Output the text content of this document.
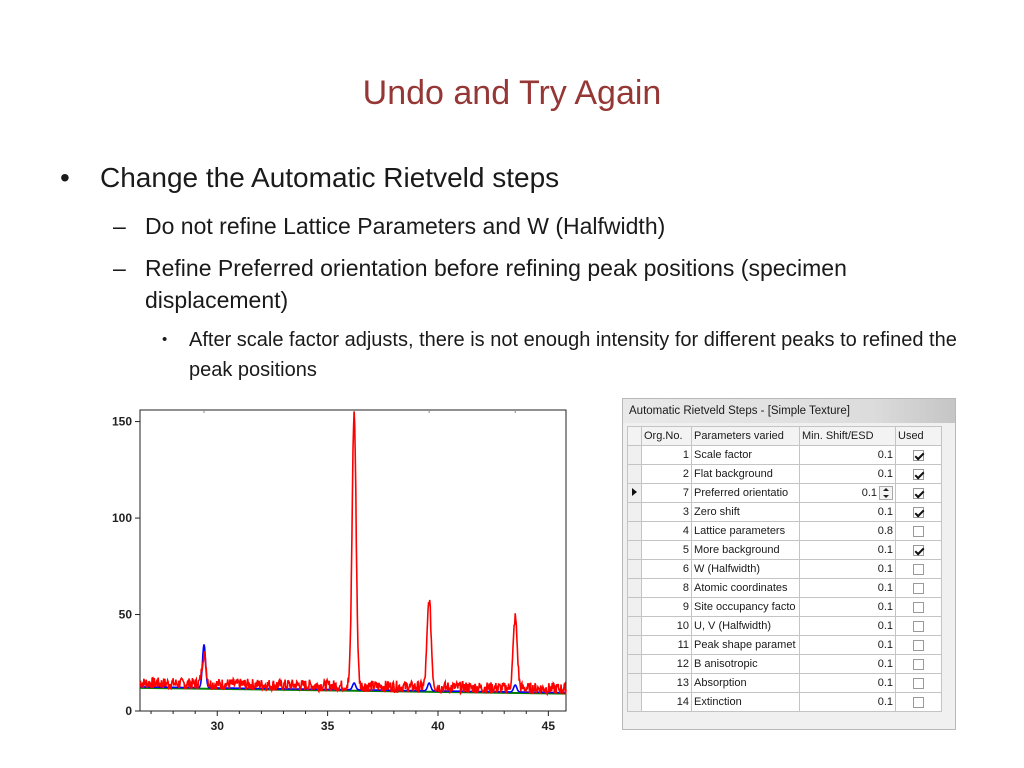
Undo and Try Again
• Change the Automatic Rietveld steps
– Do not refine Lattice Parameters and W (Halfwidth)
– Refine Preferred orientation before refining peak positions (specimen displacement)
• After scale factor adjusts, there is not enough intensity for different peaks to refined the peak positions
0
50
100
150
30	35	40	45
Automatic Rietveld Steps - [Simple Texture]
	Org.No.	Parameters varied	Min. Shift/ESD	Used
	1	Scale factor	0.1	
	2	Flat background	0.1	
	7	Preferred orientatio	0.1	
	3	Zero shift	0.1	
	4	Lattice parameters	0.8	
	5	More background	0.1	
	6	W (Halfwidth)	0.1	
	8	Atomic coordinates	0.1	
	9	Site occupancy facto	0.1	
	10	U, V (Halfwidth)	0.1	
	11	Peak shape paramet	0.1	
	12	B anisotropic	0.1	
	13	Absorption	0.1	
	14	Extinction	0.1	
